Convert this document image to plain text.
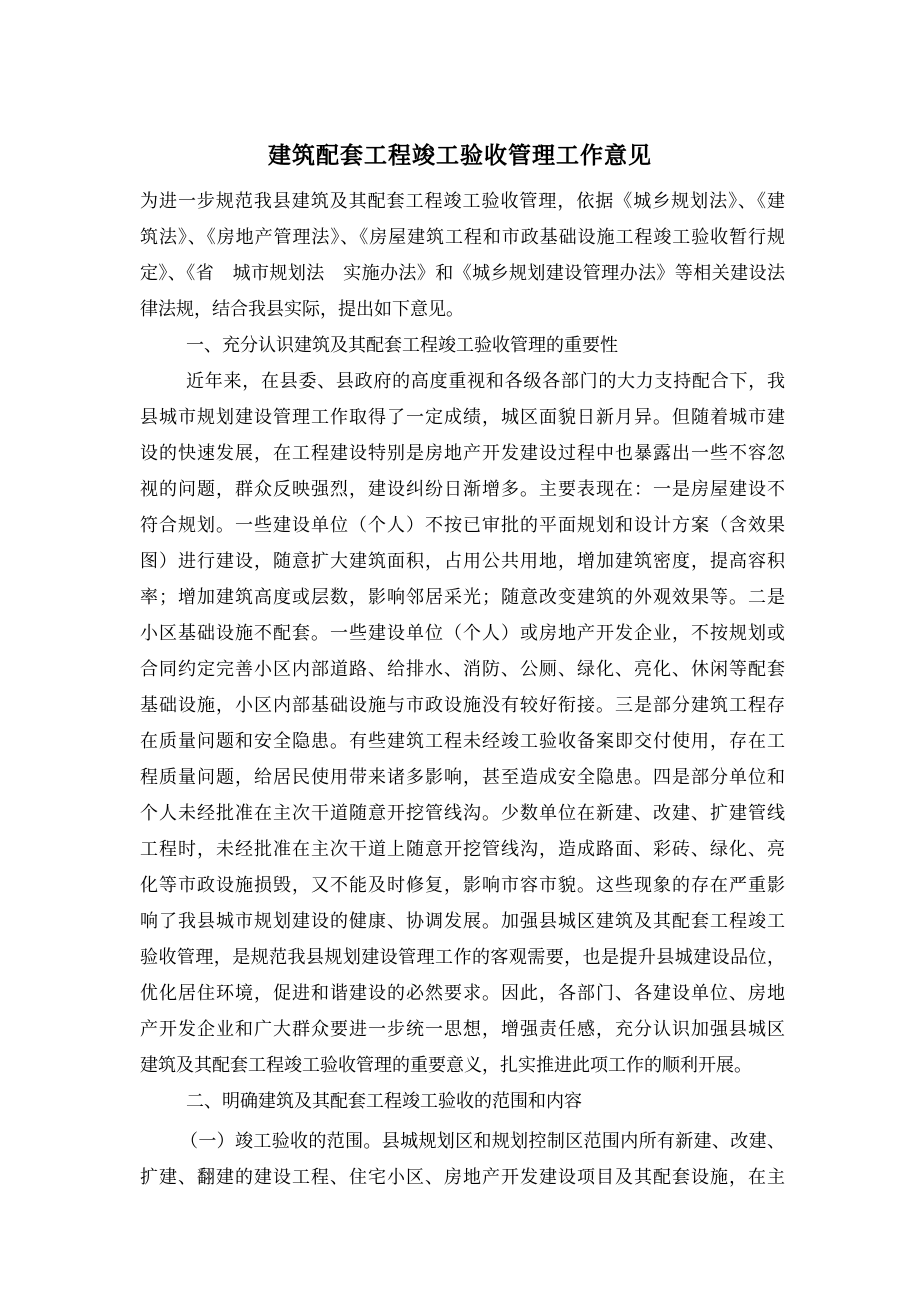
建筑配套工程竣工验收管理工作意见
为进一步规范我县建筑及其配套工程竣工验收管理，依据《城乡规划法》、《建
筑法》、《房地产管理法》、《房屋建筑工程和市政基础设施工程竣工验收暂行规
定》、《省　城市规划法　实施办法》和《城乡规划建设管理办法》等相关建设法
律法规，结合我县实际，提出如下意见。
一、充分认识建筑及其配套工程竣工验收管理的重要性
近年来，在县委、县政府的高度重视和各级各部门的大力支持配合下，我
县城市规划建设管理工作取得了一定成绩，城区面貌日新月异。但随着城市建
设的快速发展，在工程建设特别是房地产开发建设过程中也暴露出一些不容忽
视的问题，群众反映强烈，建设纠纷日渐增多。主要表现在：一是房屋建设不
符合规划。一些建设单位（个人）不按已审批的平面规划和设计方案（含效果
图）进行建设，随意扩大建筑面积，占用公共用地，增加建筑密度，提高容积
率；增加建筑高度或层数，影响邻居采光；随意改变建筑的外观效果等。二是
小区基础设施不配套。一些建设单位（个人）或房地产开发企业，不按规划或
合同约定完善小区内部道路、给排水、消防、公厕、绿化、亮化、休闲等配套
基础设施，小区内部基础设施与市政设施没有较好衔接。三是部分建筑工程存
在质量问题和安全隐患。有些建筑工程未经竣工验收备案即交付使用，存在工
程质量问题，给居民使用带来诸多影响，甚至造成安全隐患。四是部分单位和
个人未经批准在主次干道随意开挖管线沟。少数单位在新建、改建、扩建管线
工程时，未经批准在主次干道上随意开挖管线沟，造成路面、彩砖、绿化、亮
化等市政设施损毁，又不能及时修复，影响市容市貌。这些现象的存在严重影
响了我县城市规划建设的健康、协调发展。加强县城区建筑及其配套工程竣工
验收管理，是规范我县规划建设管理工作的客观需要，也是提升县城建设品位，
优化居住环境，促进和谐建设的必然要求。因此，各部门、各建设单位、房地
产开发企业和广大群众要进一步统一思想，增强责任感，充分认识加强县城区
建筑及其配套工程竣工验收管理的重要意义，扎实推进此项工作的顺利开展。
二、明确建筑及其配套工程竣工验收的范围和内容
（一）竣工验收的范围。县城规划区和规划控制区范围内所有新建、改建、
扩建、翻建的建设工程、住宅小区、房地产开发建设项目及其配套设施，在主
